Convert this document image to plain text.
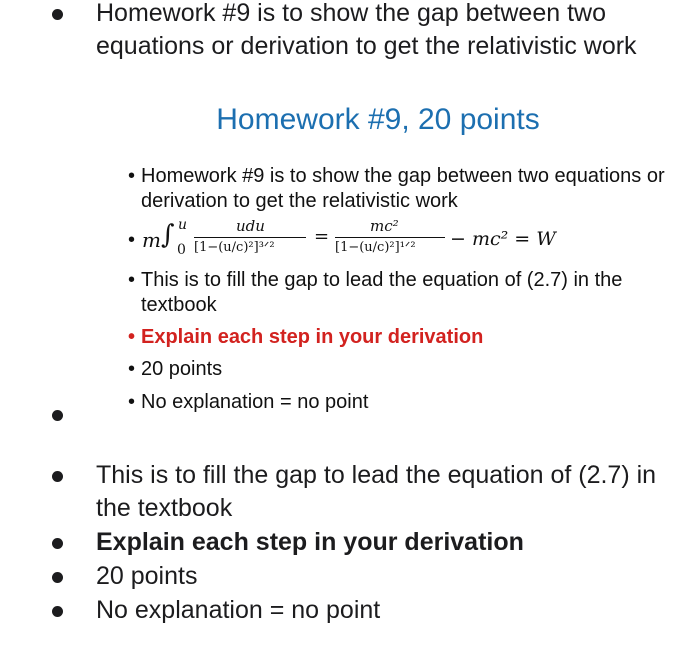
Homework #9 is to show the gap between two equations or derivation to get the relativistic work
Homework #9, 20 points
• Homework #9 is to show the gap between two equations or derivation to get the relativistic work
• m ∫ u
0
udu
[1−(u/c)²]³ᐟ²
=	mc²
[1−(u/c)²]¹ᐟ² − mc² = W
• This is to fill the gap to lead the equation of (2.7) in the textbook
• Explain each step in your derivation
• 20 points
• No explanation = no point
This is to fill the gap to lead the equation of (2.7) in the textbook
Explain each step in your derivation
20 points
No explanation = no point
